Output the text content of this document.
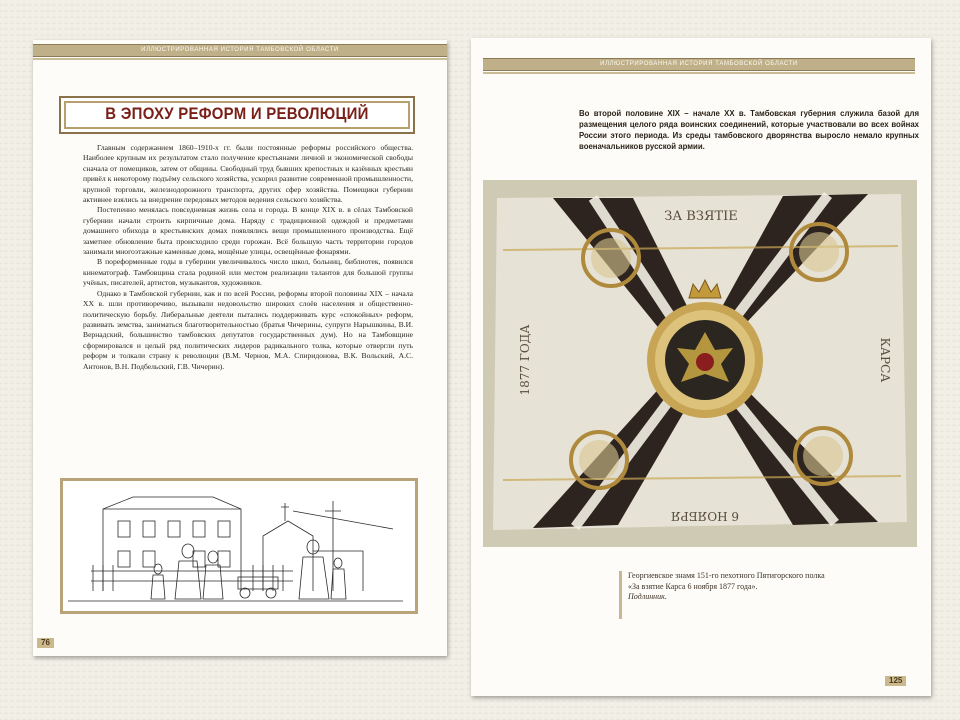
ИЛЛЮСТРИРОВАННАЯ ИСТОРИЯ ТАМБОВСКОЙ ОБЛАСТИ
В ЭПОХУ РЕФОРМ И РЕВОЛЮЦИЙ

Главным содержанием 1860–1910-х гг. были постоянные реформы российского общества. Наиболее крупным их результатом стало получение крестьянами личной и экономической свободы сначала от помещиков, затем от общины. Свободный труд бывших крепостных и казённых крестьян привёл к некоторому подъёму сельского хозяйства, ускорил развитие современной промышленности, крупной торговли, железнодорожного транспорта, других сфер хозяйства. Помещики губернии активнее взялись за внедрение передовых методов ведения сельского хозяйства.

Постепенно менялась повседневная жизнь села и города. В конце XIX в. в сёлах Тамбовской губернии начали строить кирпичные дома. Наряду с традиционной одеждой и предметами домашнего обихода в крестьянских домах появлялись вещи промышленного производства. Ещё заметнее обновление быта происходило среди горожан. Всё большую часть территории городов занимали многоэтажные каменные дома, мощёные улицы, освещённые фонарями.

В пореформенные годы в губернии увеличивалось число школ, больниц, библиотек, появился кинематограф. Тамбовщина стала родиной или местом реализации талантов для большой группы учёных, писателей, артистов, музыкантов, художников.

Однако в Тамбовской губернии, как и по всей России, реформы второй половины XIX – начала XX в. шли противоречиво, вызывали недовольство широких слоёв населения и общественно-политическую борьбу. Либеральные деятели пытались поддерживать курс «спокойных» реформ, развивать земства, заниматься благотворительностью (братья Чичерины, супруги Нарышкины, В.И. Вернадский, большинство тамбовских депутатов государственных дум). Но на Тамбовщине сформировался и целый ряд политических лидеров радикального толка, которые отвергли путь реформ и толкали страну к революции (В.М. Чернов, М.А. Спиридонова, В.К. Вольский, А.С. Антонов, В.Н. Подбельский, Г.В. Чичерин).

76
ИЛЛЮСТРИРОВАННАЯ ИСТОРИЯ ТАМБОВСКОЙ ОБЛАСТИ
Во второй половине XIX – начале XX в. Тамбовская губерния служила базой для размещения целого ряда воинских соединений, которые участвовали во всех войнах России этого периода. Из среды тамбовского дворянства выросло немало крупных военачальников русской армии.
ЗА ВЗЯТІЕ
КАРСА
6 НОЯБРЯ
1877 ГОДА
Георгиевское знамя 151-го пехотного Пятигорского полка
«За взятие Карса 6 ноября 1877 года».
Подлинник.
125
